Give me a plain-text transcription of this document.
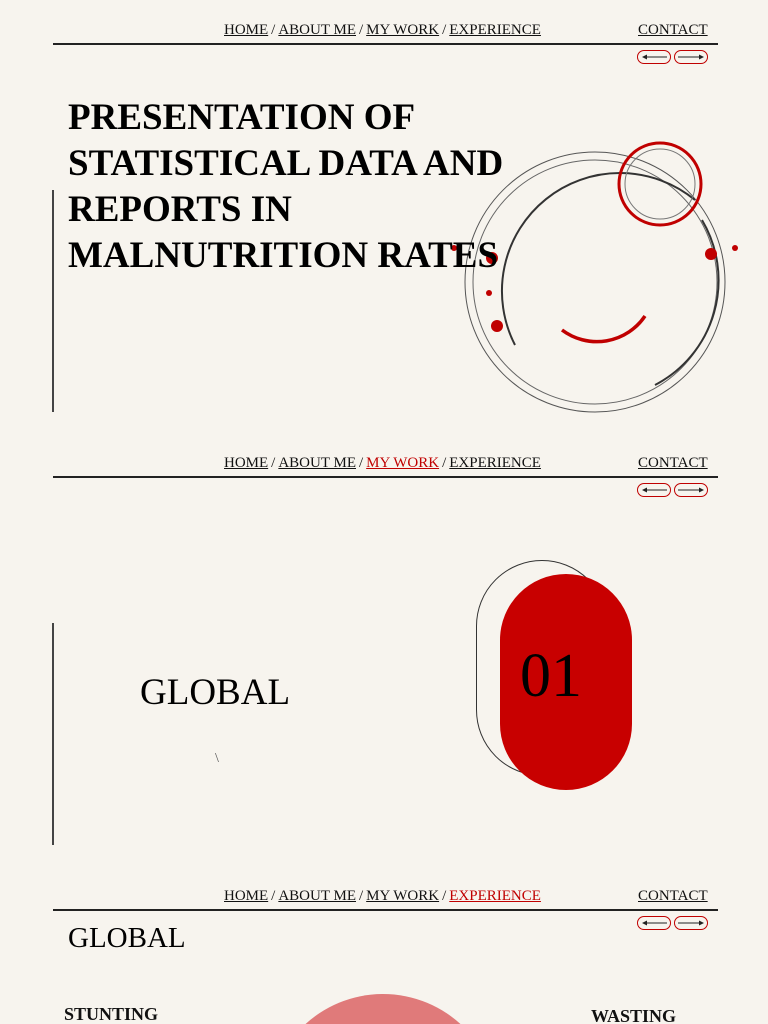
HOME / ABOUT ME / MY WORK / EXPERIENCE	CONTACT
PRESENTATION OF
STATISTICAL DATA AND
REPORTS IN
MALNUTRITION RATES
HOME / ABOUT ME / MY WORK / EXPERIENCE	CONTACT
GLOBAL
\
01
HOME / ABOUT ME / MY WORK / EXPERIENCE	CONTACT
GLOBAL
STUNTING	WASTING
